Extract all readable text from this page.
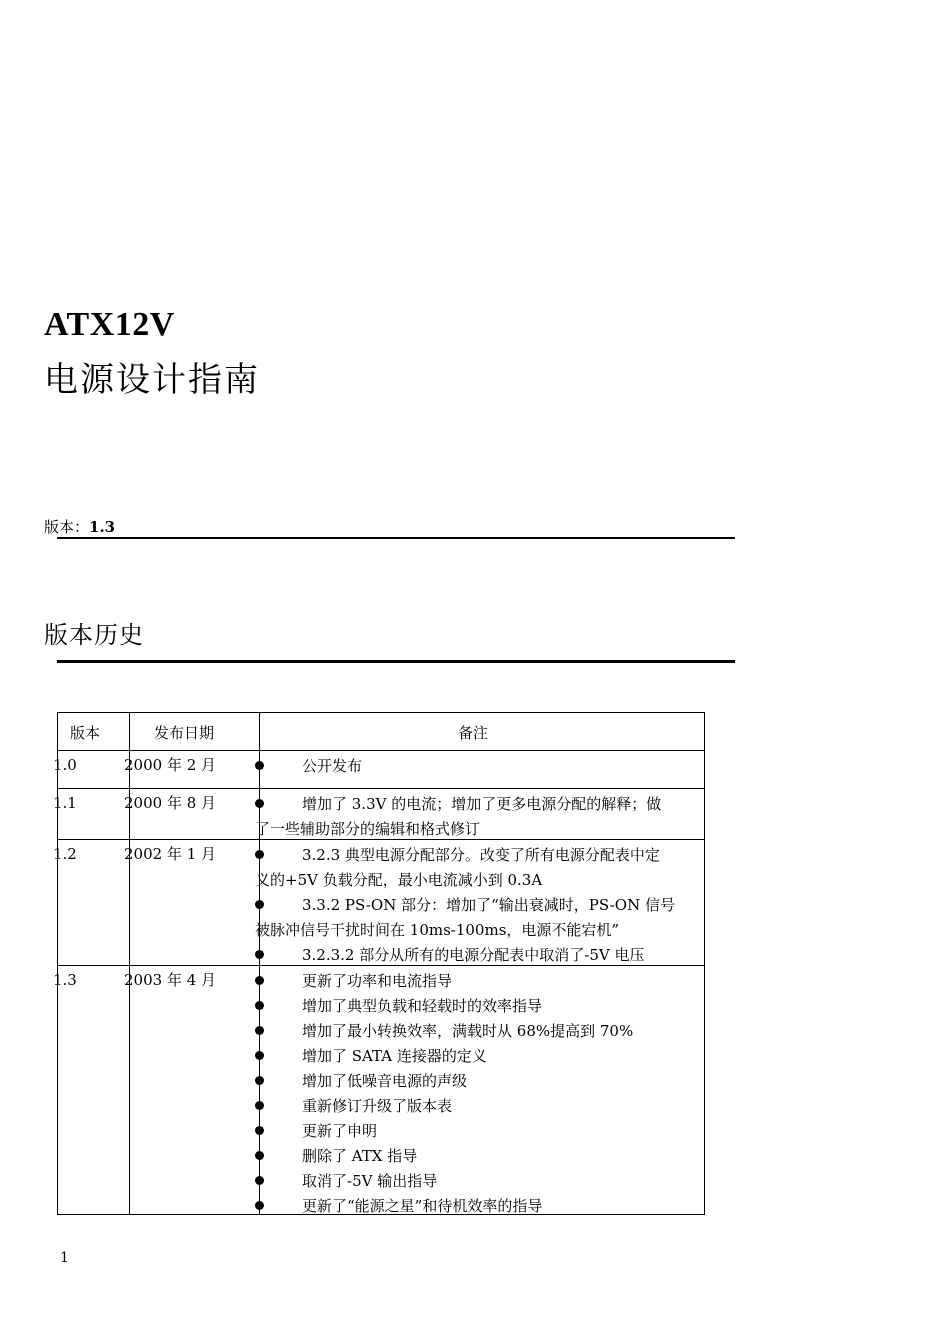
ATX12V
电源设计指南
版本：1.3
版本历史
版本	发布日期	备注
1.0	2000 年 2 月	公开发布
1.1	2000 年 8 月	增加了 3.3V 的电流；增加了更多电源分配的解释；做
了一些辅助部分的编辑和格式修订
1.2	2002 年 1 月	3.2.3 典型电源分配部分。改变了所有电源分配表中定
义的+5V 负载分配，最小电流减小到 0.3A
3.3.2 PS-ON 部分：增加了“输出衰减时，PS-ON 信号
被脉冲信号干扰时间在 10ms-100ms，电源不能宕机”
3.2.3.2 部分从所有的电源分配表中取消了-5V 电压
1.3	2003 年 4 月	更新了功率和电流指导
增加了典型负载和轻载时的效率指导
增加了最小转换效率，满载时从 68%提高到 70%
增加了 SATA 连接器的定义
增加了低噪音电源的声级
重新修订升级了版本表
更新了申明
删除了 ATX 指导
取消了-5V 输出指导
更新了“能源之星”和待机效率的指导
1
